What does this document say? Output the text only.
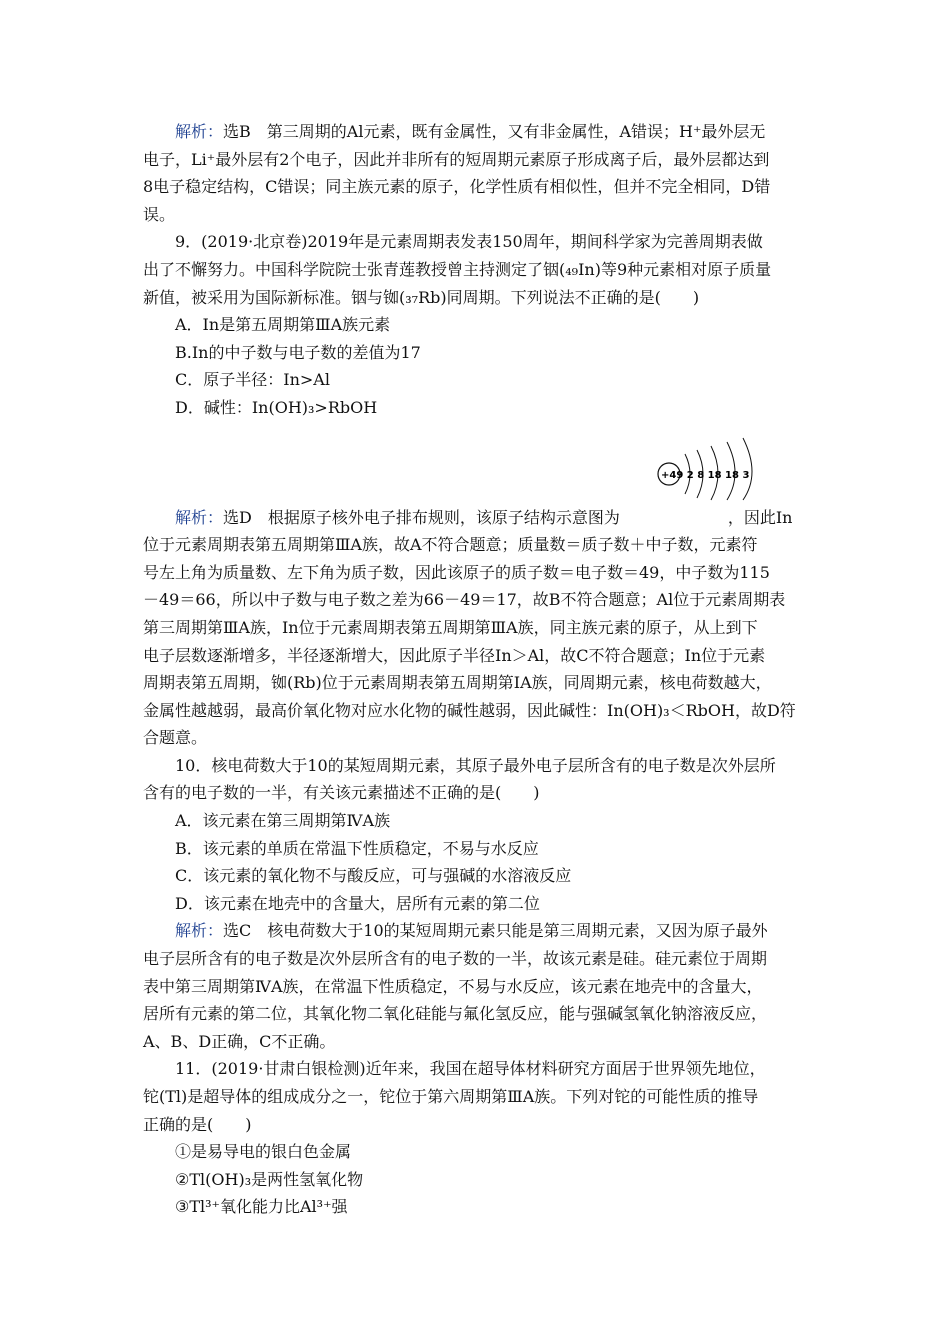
解析：选B　第三周期的Al元素，既有金属性，又有非金属性，A错误；H⁺最外层无
电子，Li⁺最外层有2个电子，因此并非所有的短周期元素原子形成离子后，最外层都达到
8电子稳定结构，C错误；同主族元素的原子，化学性质有相似性，但并不完全相同，D错
误。
9．(2019·北京卷)2019年是元素周期表发表150周年，期间科学家为完善周期表做
出了不懈努力。中国科学院院士张青莲教授曾主持测定了铟(₄₉In)等9种元素相对原子质量
新值，被采用为国际新标准。铟与铷(₃₇Rb)同周期。下列说法不正确的是(　　)
A．In是第五周期第ⅢA族元素
B.In的中子数与电子数的差值为17
C．原子半径：In>Al
D．碱性：In(OH)₃>RbOH
+49 2 8 18 18 3
解析：选D　根据原子核外电子排布规则，该原子结构示意图为	，因此In
位于元素周期表第五周期第ⅢA族，故A不符合题意；质量数＝质子数＋中子数，元素符
号左上角为质量数、左下角为质子数，因此该原子的质子数＝电子数＝49，中子数为115
－49＝66，所以中子数与电子数之差为66－49＝17，故B不符合题意；Al位于元素周期表
第三周期第ⅢA族，In位于元素周期表第五周期第ⅢA族，同主族元素的原子，从上到下
电子层数逐渐增多，半径逐渐增大，因此原子半径In＞Al，故C不符合题意；In位于元素
周期表第五周期，铷(Rb)位于元素周期表第五周期第ⅠA族，同周期元素，核电荷数越大，
金属性越越弱，最高价氧化物对应水化物的碱性越弱，因此碱性：In(OH)₃＜RbOH，故D符
合题意。
10．核电荷数大于10的某短周期元素，其原子最外电子层所含有的电子数是次外层所
含有的电子数的一半，有关该元素描述不正确的是(　　)
A．该元素在第三周期第ⅣA族
B．该元素的单质在常温下性质稳定，不易与水反应
C．该元素的氧化物不与酸反应，可与强碱的水溶液反应
D．该元素在地壳中的含量大，居所有元素的第二位
解析：选C　核电荷数大于10的某短周期元素只能是第三周期元素，又因为原子最外
电子层所含有的电子数是次外层所含有的电子数的一半，故该元素是硅。硅元素位于周期
表中第三周期第ⅣA族，在常温下性质稳定，不易与水反应，该元素在地壳中的含量大，
居所有元素的第二位，其氧化物二氧化硅能与氟化氢反应，能与强碱氢氧化钠溶液反应，
A、B、D正确，C不正确。
11．(2019·甘肃白银检测)近年来，我国在超导体材料研究方面居于世界领先地位，
铊(Tl)是超导体的组成成分之一，铊位于第六周期第ⅢA族。下列对铊的可能性质的推导
正确的是(　　)
①是易导电的银白色金属
②Tl(OH)₃是两性氢氧化物
③Tl³⁺氧化能力比Al³⁺强
